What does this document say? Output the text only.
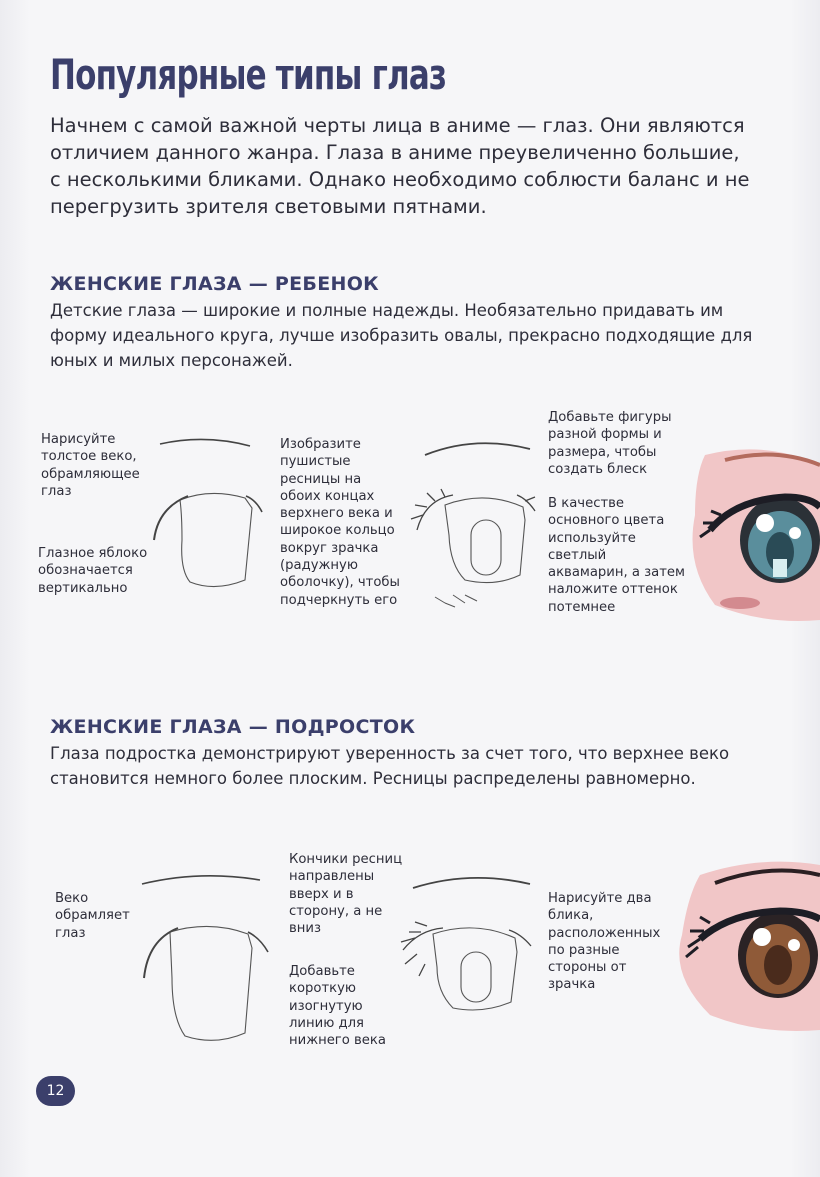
Популярные типы глаз
Начнем с самой важной черты лица в аниме — глаз. Они являются отличием данного жанра. Глаза в аниме преувеличенно большие, с несколькими бликами. Однако необходимо соблюсти баланс и не перегрузить зрителя световыми пятнами.
ЖЕНСКИЕ ГЛАЗА — РЕБЕНОК
Детские глаза — широкие и полные надежды. Необязательно придавать им форму идеального круга, лучше изобразить овалы, прекрасно подходящие для юных и милых персонажей.
Нарисуйте толстое веко, обрамляющее глаз
Глазное яблоко обозначается вертикально
Изобразите пушистые ресницы на обоих концах верхнего века и широкое кольцо вокруг зрачка (радужную оболочку), чтобы подчеркнуть его
Добавьте фигуры разной формы и размера, чтобы создать блеск
В качестве основного цвета используйте светлый аквамарин, а затем наложите оттенок потемнее
ЖЕНСКИЕ ГЛАЗА — ПОДРОСТОК
Глаза подростка демонстрируют уверенность за счет того, что верхнее веко становится немного более плоским. Ресницы распределены равномерно.
Веко обрамляет глаз
Кончики ресниц направлены вверх и в сторону, а не вниз
Добавьте короткую изогнутую линию для нижнего века
Нарисуйте два блика, расположенных по разные стороны от зрачка
12
